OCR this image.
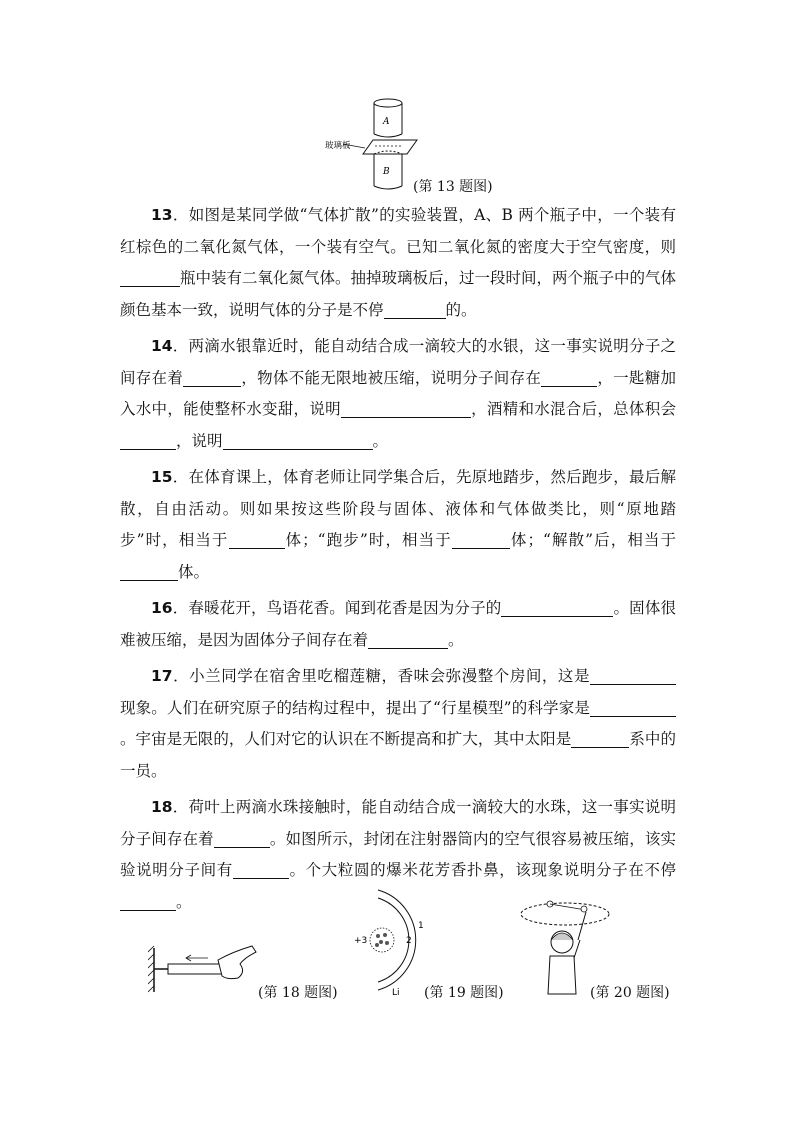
A
B
玻璃板
(第 13 题图)

13．如图是某同学做“气体扩散”的实验装置，A、B 两个瓶子中，一个装有红棕色的二氧化氮气体，一个装有空气。已知二氧化氮的密度大于空气密度，则瓶中装有二氧化氮气体。抽掉玻璃板后，过一段时间，两个瓶子中的气体颜色基本一致，说明气体的分子是不停	的。

14．两滴水银靠近时，能自动结合成一滴较大的水银，这一事实说明分子之间存在着	，物体不能无限地被压缩，说明分子间存在	，一匙糖加入水中，能使整杯水变甜，说明	，酒精和水混合后，总体积会，说明	。

15．在体育课上，体育老师让同学集合后，先原地踏步，然后跑步，最后解散，自由活动。则如果按这些阶段与固体、液体和气体做类比，则“原地踏步”时，相当于	体；“跑步”时，相当于	体；“解散”后，相当于体。

16．春暖花开，鸟语花香。闻到花香是因为分子的	。固体很难被压缩，是因为固体分子间存在着	。

17．小兰同学在宿舍里吃榴莲糖，香味会弥漫整个房间，这是现象。人们在研究原子的结构过程中，提出了“行星模型”的科学家是。宇宙是无限的，人们对它的认识在不断提高和扩大，其中太阳是	系中的一员。

18．荷叶上两滴水珠接触时，能自动结合成一滴较大的水珠，这一事实说明分子间存在着	。如图所示，封闭在注射器筒内的空气很容易被压缩，该实验说明分子间有	。个大粒圆的爆米花芳香扑鼻，该现象说明分子在不停。

(第 18 题图)
+3	2
1
Li (第 19 题图)	(第 20 题图)
